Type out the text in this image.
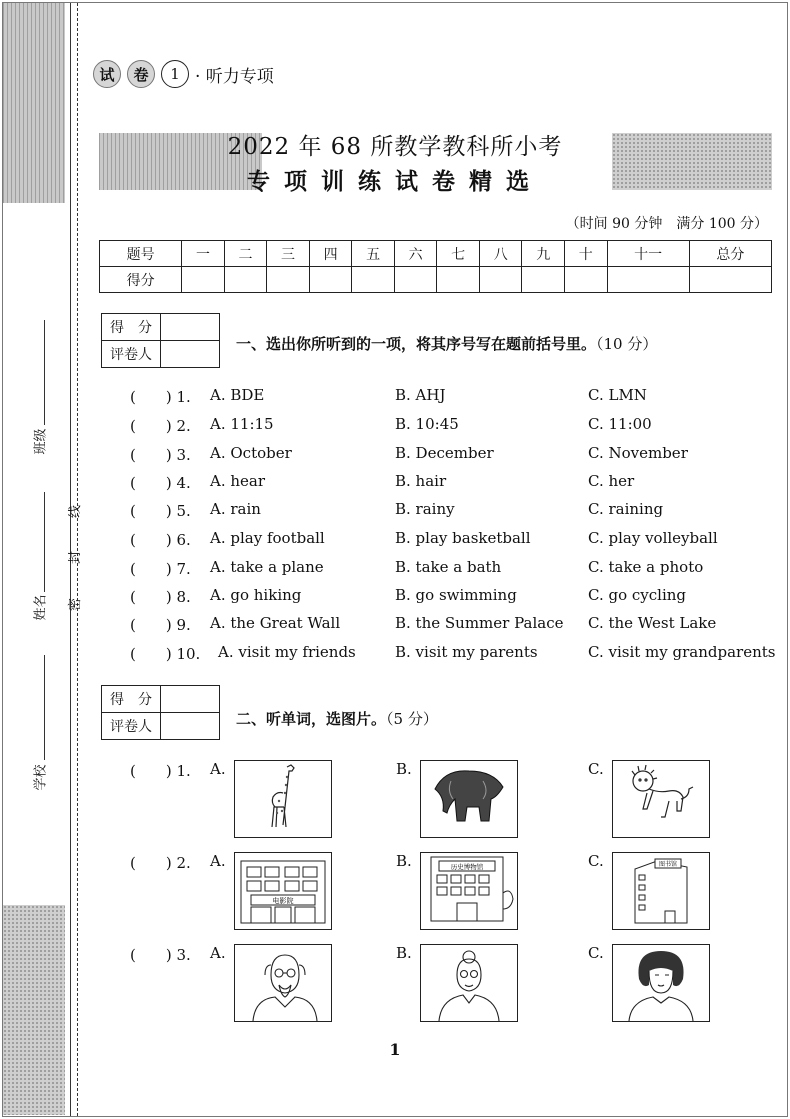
班级
姓名
学校
密
封
线
试	卷	1 · 听力专项
2022 年 68 所教学教科所小考
专项训练试卷精选
（时间 90 分钟　满分 100 分）
题号	一	二	三	四	五	六	七	八	九	十	十一	总分
得分												
得　分	
评卷人	
一、选出你所听到的一项，将其序号写在题前括号里。（10 分）
(　　) 1. A. BDE	B. AHJ	C. LMN
(　　) 2. A. 11:15	B. 10:45	C. 11:00
(　　) 3. A. October	B. December	C. November
(　　) 4. A. hear	B. hair	C. her
(　　) 5. A. rain	B. rainy	C. raining
(　　) 6. A. play football	B. play basketball	C. play volleyball
(　　) 7. A. take a plane	B. take a bath	C. take a photo
(　　) 8. A. go hiking	B. go swimming	C. go cycling
(　　) 9. A. the Great Wall	B. the Summer Palace C. the West Lake
(　　) 10. A. visit my friends	B. visit my parents	C. visit my grandparents
得　分	
评卷人		二、听单词，选图片。（5 分）
(　　) 1. A.	B.	C.
(　　) 2. A.	B.	C.
电影院
历史博物馆	图书馆
(　　) 3. A.	B.	C.
1
